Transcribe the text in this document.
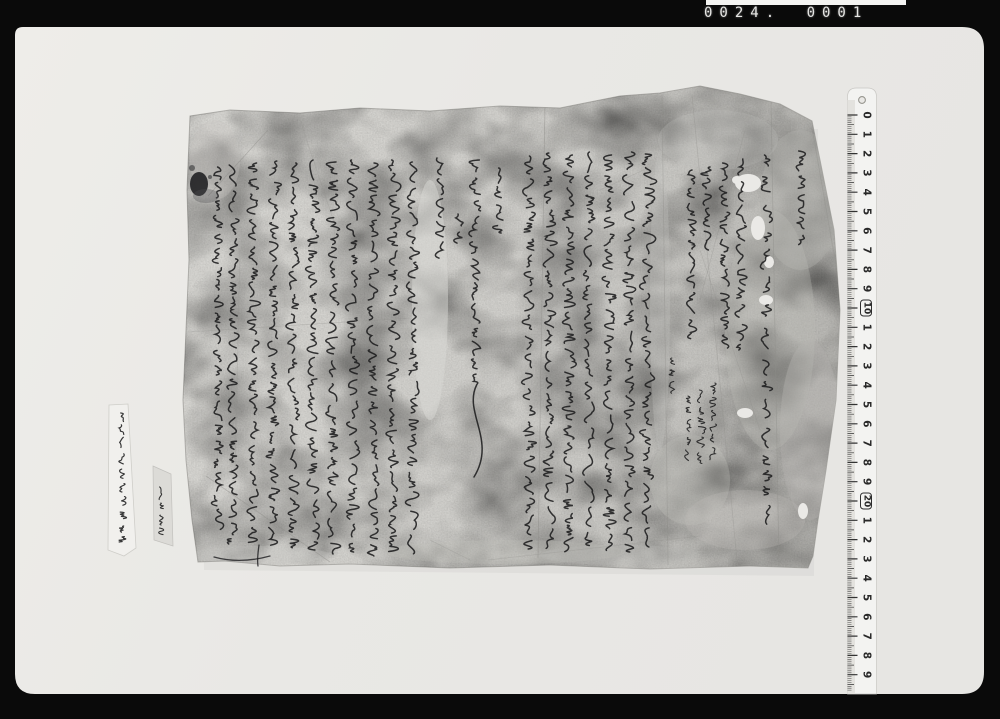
0024. 0001
0
1
2
3
4
5
6
7
8
9
10
1
2
3
4
5
6
7
8
9
20
1
2
3
4
5
6
7
8
9
